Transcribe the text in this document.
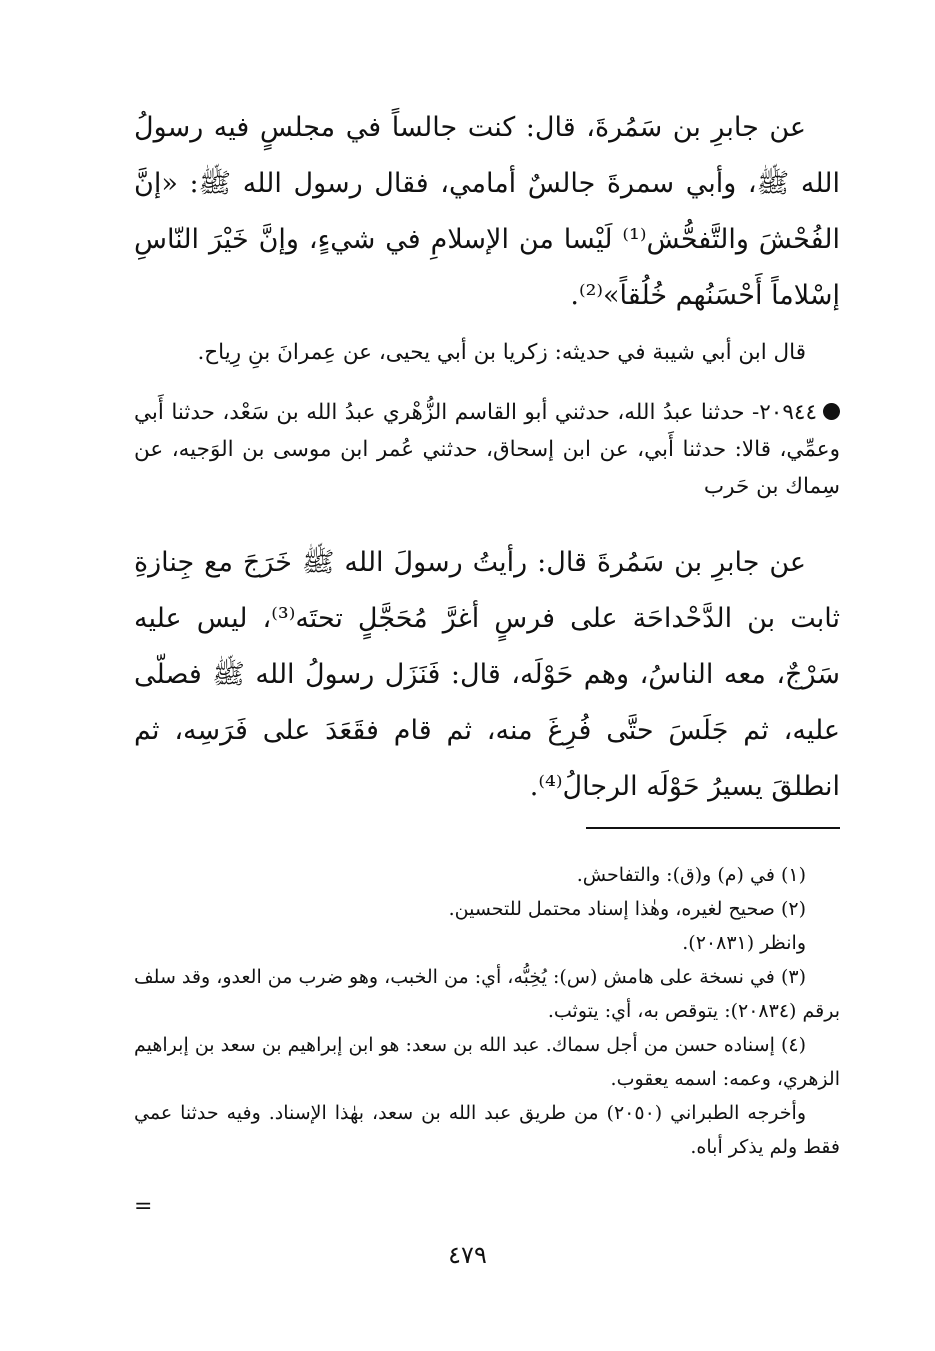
عن جابرِ بن سَمُرةَ، قال: كنت جالساً في مجلسٍ فيه رسولُ الله ﷺ، وأبي سمرةَ جالسٌ أمامي، فقال رسول الله ﷺ: «إنَّ الفُحْشَ والتَّفحُّش⁽¹⁾ لَيْسا من الإسلامِ في شيءٍ، وإنَّ خَيْرَ النّاسِ إسْلاماً أَحْسَنُهم خُلُقاً»⁽²⁾.
قال ابن أبي شيبة في حديثه: زكريا بن أبي يحيى، عن عِمرانَ بنِ رِياح.
٢٠٩٤٤- حدثنا عبدُ الله، حدثني أبو القاسم الزُّهْري عبدُ الله بن سَعْد، حدثنا أَبي وعمِّي، قالا: حدثنا أَبي، عن ابن إسحاق، حدثني عُمر ابن موسى بن الوَجيه، عن سِماك بن حَرب
عن جابرِ بن سَمُرةَ قال: رأيتُ رسولَ الله ﷺ خَرَجَ مع جِنازةِ ثابت بن الدَّحْداحَة على فرسٍ أغرَّ مُحَجَّلٍ تحتَه⁽³⁾، ليس عليه سَرْجٌ، معه الناسُ، وهم حَوْلَه، قال: فَنَزَل رسولُ الله ﷺ فصلّى عليه، ثم جَلَسَ حتَّى فُرِغَ منه، ثم قام فقَعَدَ على فَرَسِه، ثم انطلقَ يسيرُ حَوْلَه الرجالُ⁽⁴⁾.

(١) في (م) و(ق): والتفاحش.

(٢) صحيح لغيره، وهٰذا إسناد محتمل للتحسين.

وانظر (٢٠٨٣١).

(٣) في نسخة على هامش (س): يُخِبُّه، أي: من الخبب، وهو ضرب من العدو، وقد سلف برقم (٢٠٨٣٤): يتوقص به، أي: يتوثب.

(٤) إسناده حسن من أجل سماك. عبد الله بن سعد: هو ابن إبراهيم بن سعد بن إبراهيم الزهري، وعمه: اسمه يعقوب.

وأخرجه الطبراني (٢٠٥٠) من طريق عبد الله بن سعد، بهٰذا الإسناد. وفيه حدثنا عمي فقط ولم يذكر أباه.

=
٤٧٩
